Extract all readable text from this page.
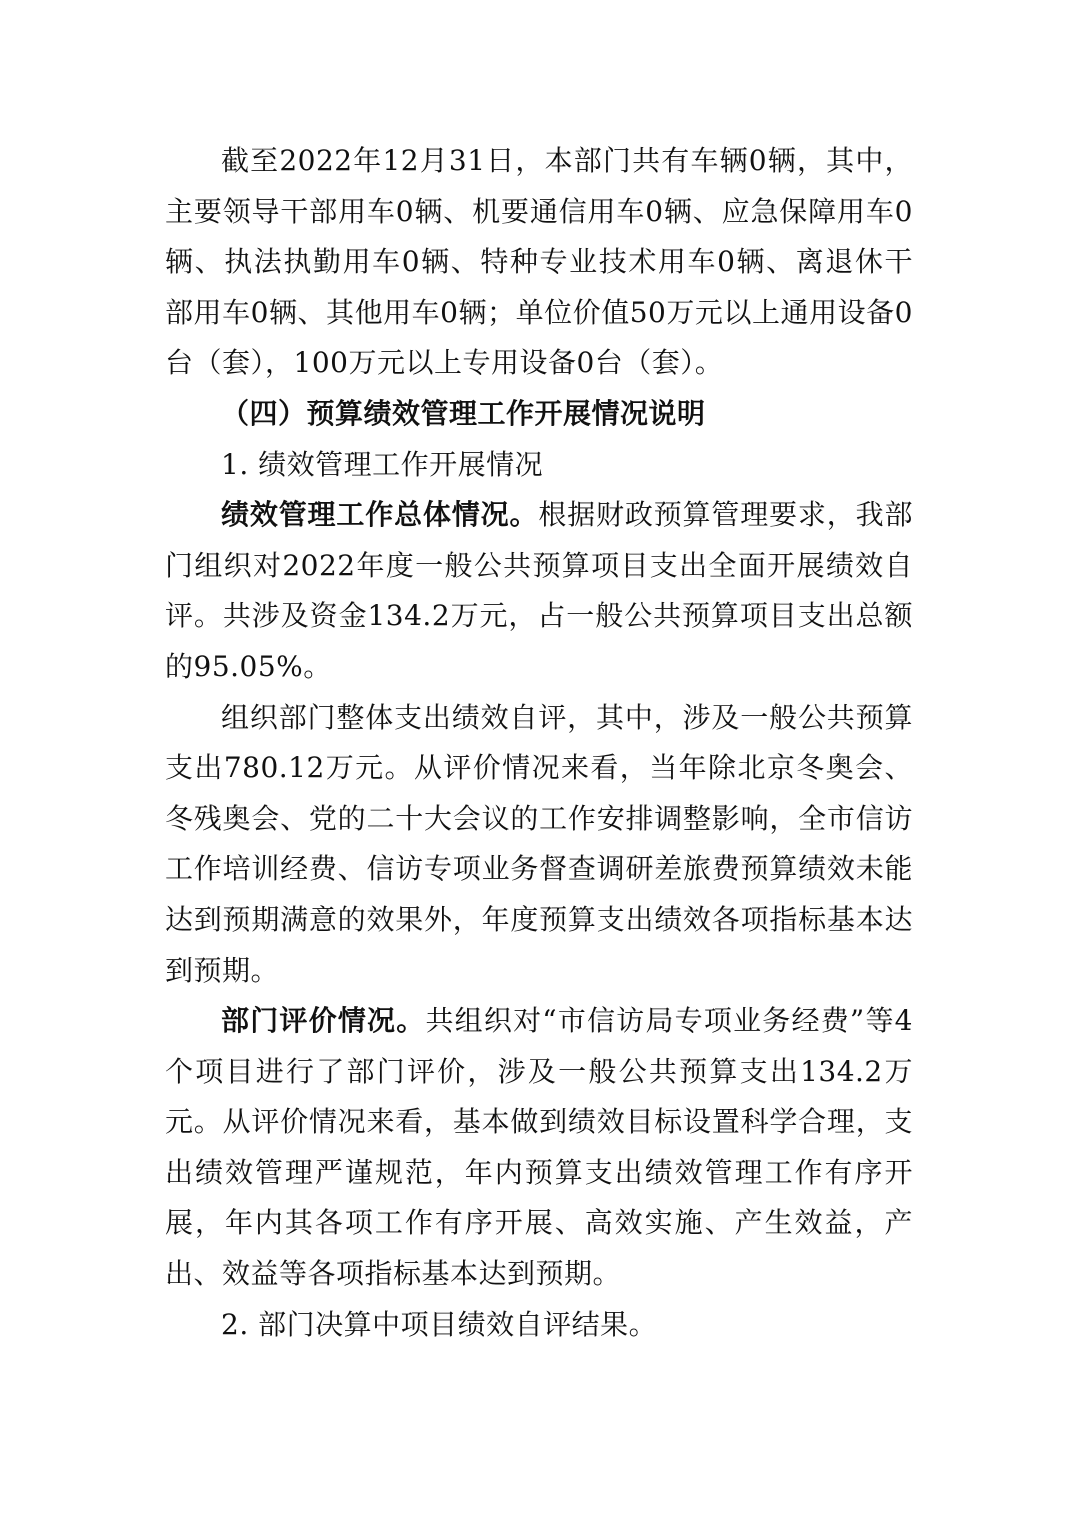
截至2022年12月31日，本部门共有车辆0辆，其中，主要领导干部用车0辆、机要通信用车0辆、应急保障用车0辆、执法执勤用车0辆、特种专业技术用车0辆、离退休干部用车0辆、其他用车0辆；单位价值50万元以上通用设备0台（套），100万元以上专用设备0台（套）。

（四）预算绩效管理工作开展情况说明

1. 绩效管理工作开展情况

绩效管理工作总体情况。根据财政预算管理要求，我部门组织对2022年度一般公共预算项目支出全面开展绩效自评。共涉及资金134.2万元，占一般公共预算项目支出总额的95.05%。

组织部门整体支出绩效自评，其中，涉及一般公共预算支出780.12万元。从评价情况来看，当年除北京冬奥会、冬残奥会、党的二十大会议的工作安排调整影响，全市信访工作培训经费、信访专项业务督查调研差旅费预算绩效未能达到预期满意的效果外，年度预算支出绩效各项指标基本达到预期。

部门评价情况。共组织对“市信访局专项业务经费”等4个项目进行了部门评价，涉及一般公共预算支出134.2万元。从评价情况来看，基本做到绩效目标设置科学合理，支出绩效管理严谨规范，年内预算支出绩效管理工作有序开展，年内其各项工作有序开展、高效实施、产生效益，产出、效益等各项指标基本达到预期。

2. 部门决算中项目绩效自评结果。
